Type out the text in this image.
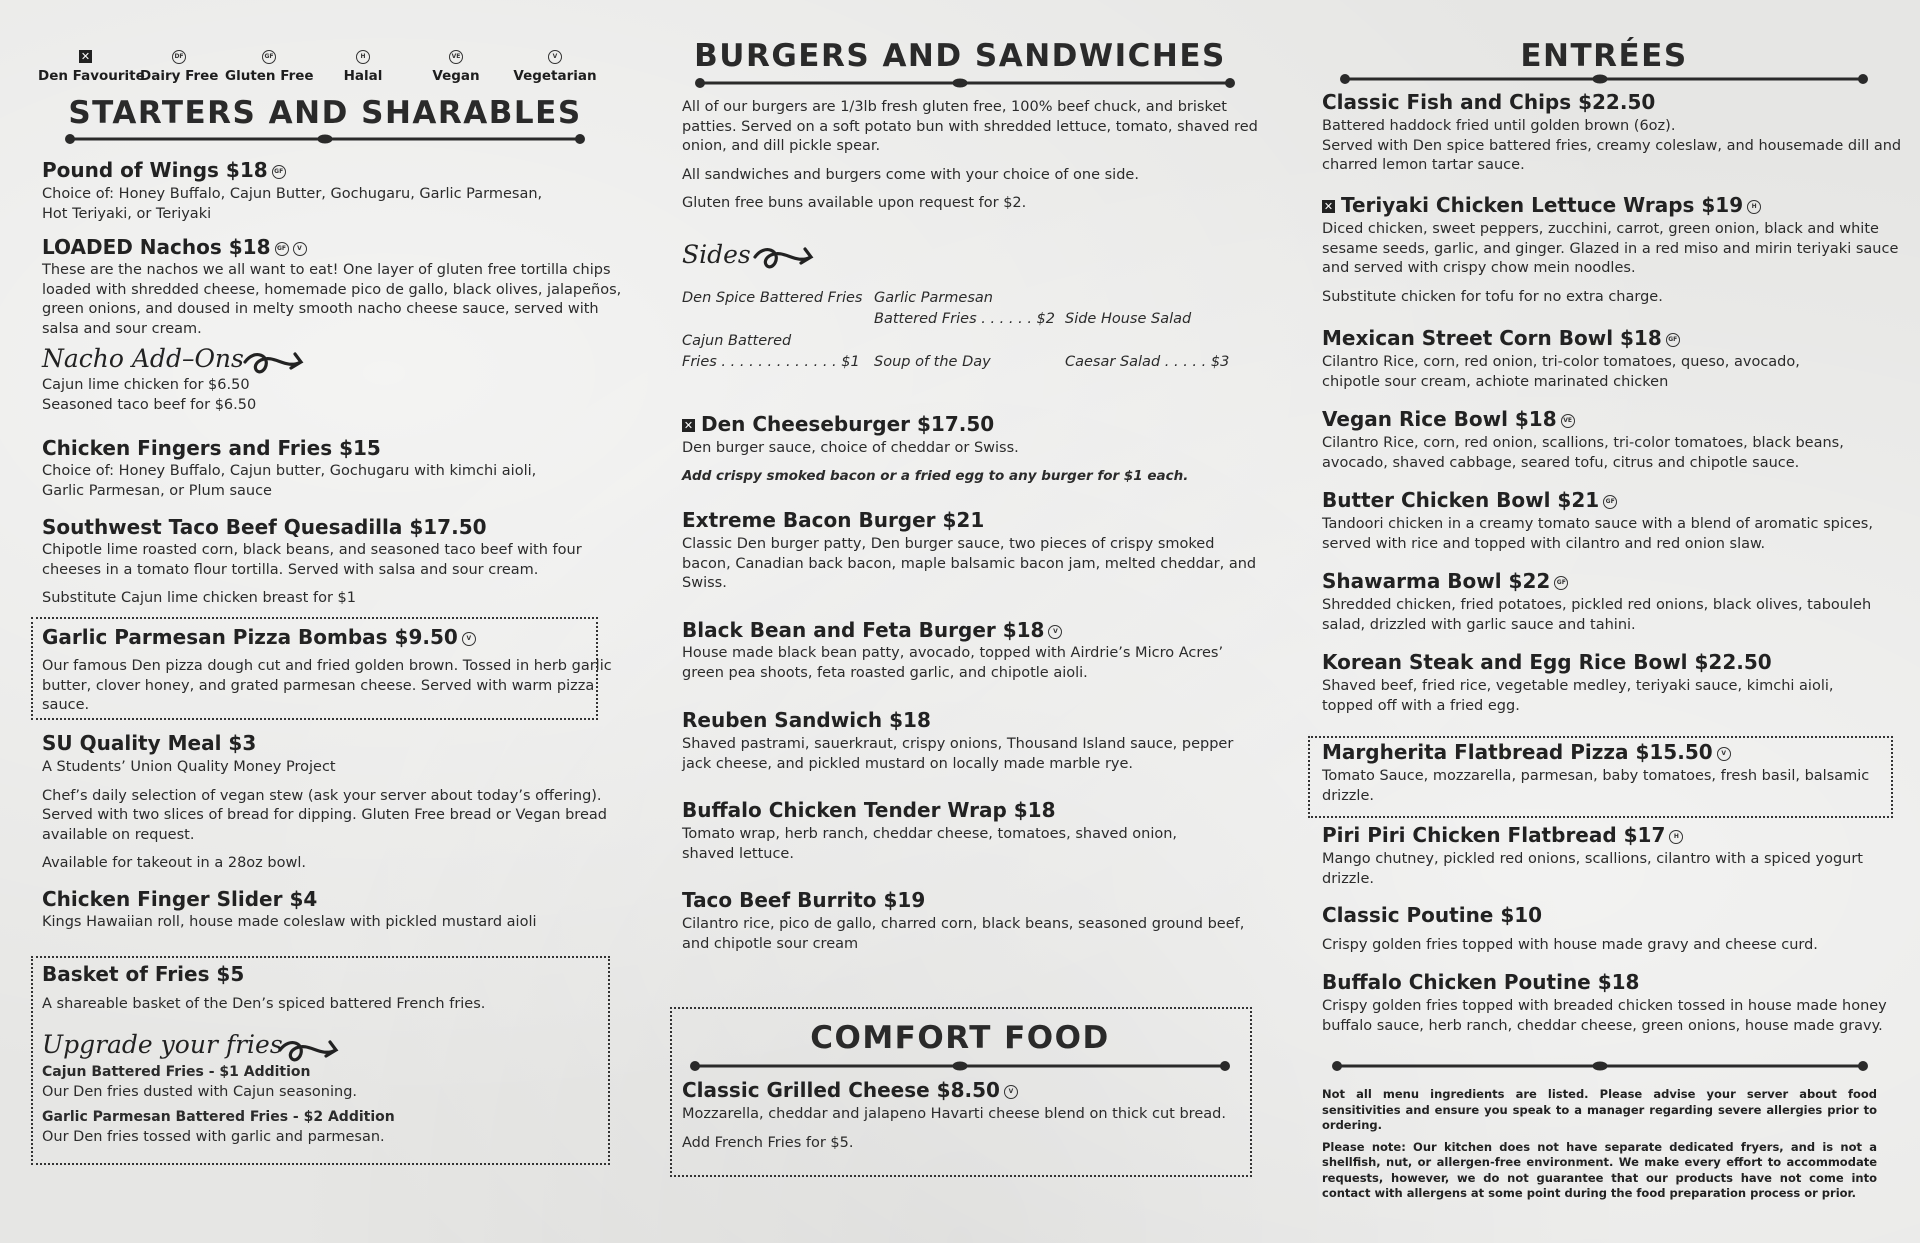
✕
Den Favourite
DF
Dairy Free
GF
Gluten Free
H
Halal
VE
Vegan
V
Vegetarian
STARTERS AND SHARABLES
Pound of Wings $18 GF
Choice of: Honey Buffalo, Cajun Butter, Gochugaru, Garlic Parmesan,
Hot Teriyaki, or Teriyaki
LOADED Nachos $18 GF V
These are the nachos we all want to eat! One layer of gluten free tortilla chips
loaded with shredded cheese, homemade pico de gallo, black olives, jalapeños,
green onions, and doused in melty smooth nacho cheese sauce, served with
salsa and sour cream.
Nacho Add–Ons
Cajun lime chicken for $6.50
Seasoned taco beef for $6.50
Chicken Fingers and Fries $15
Choice of: Honey Buffalo, Cajun butter, Gochugaru with kimchi aioli,
Garlic Parmesan, or Plum sauce
Southwest Taco Beef Quesadilla $17.50
Chipotle lime roasted corn, black beans, and seasoned taco beef with four
cheeses in a tomato flour tortilla. Served with salsa and sour cream.
Substitute Cajun lime chicken breast for $1
Garlic Parmesan Pizza Bombas $9.50 V
Our famous Den pizza dough cut and fried golden brown. Tossed in herb garlic
butter, clover honey, and grated parmesan cheese. Served with warm pizza
sauce.
SU Quality Meal $3
A Students’ Union Quality Money Project
Chef’s daily selection of vegan stew (ask your server about today’s offering).
Served with two slices of bread for dipping. Gluten Free bread or Vegan bread
available on request.
Available for takeout in a 28oz bowl.
Chicken Finger Slider $4
Kings Hawaiian roll, house made coleslaw with pickled mustard aioli
Basket of Fries $5
A shareable basket of the Den’s spiced battered French fries.
Upgrade your fries
Cajun Battered Fries - $1 Addition
Our Den fries dusted with Cajun seasoning.
Garlic Parmesan Battered Fries - $2 Addition
Our Den fries tossed with garlic and parmesan.
BURGERS AND SANDWICHES
All of our burgers are 1/3lb fresh gluten free, 100% beef chuck, and brisket
patties. Served on a soft potato bun with shredded lettuce, tomato, shaved red
onion, and dill pickle spear.
All sandwiches and burgers come with your choice of one side.
Gluten free buns available upon request for $2.
Sides
Den Spice Battered Fries Garlic Parmesan
Battered Fries . . . . . . $2 Side House Salad
Cajun Battered
Fries . . . . . . . . . . . . . $1 Soup of the Day	Caesar Salad . . . . . $3
✕ Den Cheeseburger $17.50
Den burger sauce, choice of cheddar or Swiss.
Add crispy smoked bacon or a fried egg to any burger for $1 each.
Extreme Bacon Burger $21
Classic Den burger patty, Den burger sauce, two pieces of crispy smoked
bacon, Canadian back bacon, maple balsamic bacon jam, melted cheddar, and
Swiss.
Black Bean and Feta Burger $18 V
House made black bean patty, avocado, topped with Airdrie’s Micro Acres’
green pea shoots, feta roasted garlic, and chipotle aioli.
Reuben Sandwich $18
Shaved pastrami, sauerkraut, crispy onions, Thousand Island sauce, pepper
jack cheese, and pickled mustard on locally made marble rye.
Buffalo Chicken Tender Wrap $18
Tomato wrap, herb ranch, cheddar cheese, tomatoes, shaved onion,
shaved lettuce.
Taco Beef Burrito $19
Cilantro rice, pico de gallo, charred corn, black beans, seasoned ground beef,
and chipotle sour cream
COMFORT FOOD
Classic Grilled Cheese $8.50 V
Mozzarella, cheddar and jalapeno Havarti cheese blend on thick cut bread.
Add French Fries for $5.
ENTRÉES
Classic Fish and Chips $22.50
Battered haddock fried until golden brown (6oz).
Served with Den spice battered fries, creamy coleslaw, and housemade dill and
charred lemon tartar sauce.
✕ Teriyaki Chicken Lettuce Wraps $19 H
Diced chicken, sweet peppers, zucchini, carrot, green onion, black and white
sesame seeds, garlic, and ginger. Glazed in a red miso and mirin teriyaki sauce
and served with crispy chow mein noodles.
Substitute chicken for tofu for no extra charge.
Mexican Street Corn Bowl $18 GF
Cilantro Rice, corn, red onion, tri-color tomatoes, queso, avocado,
chipotle sour cream, achiote marinated chicken
Vegan Rice Bowl $18 VE
Cilantro Rice, corn, red onion, scallions, tri-color tomatoes, black beans,
avocado, shaved cabbage, seared tofu, citrus and chipotle sauce.
Butter Chicken Bowl $21 GF
Tandoori chicken in a creamy tomato sauce with a blend of aromatic spices,
served with rice and topped with cilantro and red onion slaw.
Shawarma Bowl $22 GF
Shredded chicken, fried potatoes, pickled red onions, black olives, tabouleh
salad, drizzled with garlic sauce and tahini.
Korean Steak and Egg Rice Bowl $22.50
Shaved beef, fried rice, vegetable medley, teriyaki sauce, kimchi aioli,
topped off with a fried egg.
Margherita Flatbread Pizza $15.50 V
Tomato Sauce, mozzarella, parmesan, baby tomatoes, fresh basil, balsamic
drizzle.
Piri Piri Chicken Flatbread $17 H
Mango chutney, pickled red onions, scallions, cilantro with a spiced yogurt
drizzle.
Classic Poutine $10
Crispy golden fries topped with house made gravy and cheese curd.
Buffalo Chicken Poutine $18
Crispy golden fries topped with breaded chicken tossed in house made honey
buffalo sauce, herb ranch, cheddar cheese, green onions, house made gravy.
Not all menu ingredients are listed. Please advise your server about food sensitivities and ensure you speak to a manager regarding severe allergies prior to ordering.
Please note: Our kitchen does not have separate dedicated fryers, and is not a shellfish, nut, or allergen-free environment. We make every effort to accommodate requests, however, we do not guarantee that our products have not come into contact with allergens at some point during the food preparation process or prior.
